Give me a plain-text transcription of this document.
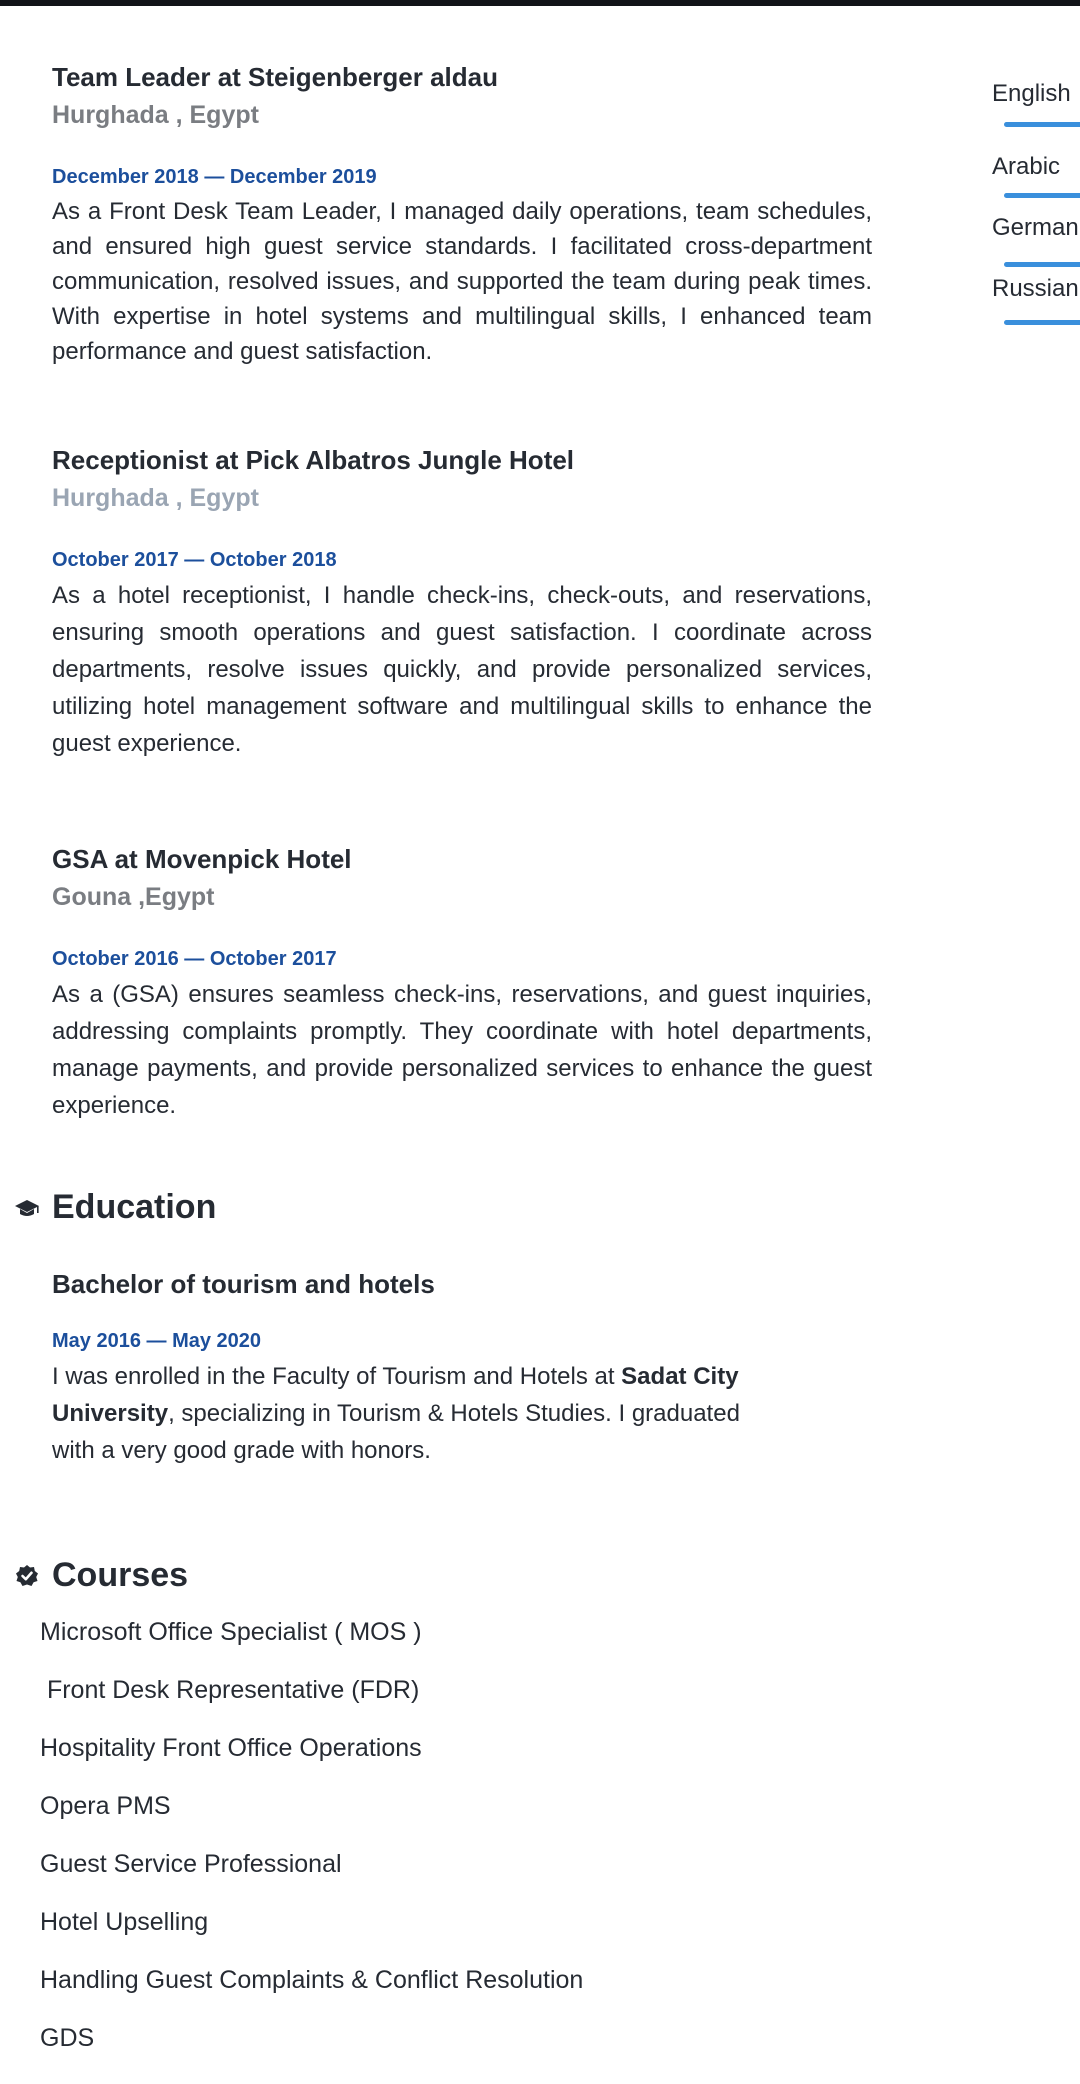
Team Leader at Steigenberger aldau
Hurghada , Egypt
December 2018 — December 2019

As a Front Desk Team Leader, I managed daily operations, team schedules, and ensured high guest service standards. I facilitated cross-department communication, resolved issues, and supported the team during peak times. With expertise in hotel systems and multilingual skills, I enhanced team performance and guest satisfaction.

Receptionist at Pick Albatros Jungle Hotel
Hurghada , Egypt
October 2017 — October 2018

As a hotel receptionist, I handle check-ins, check-outs, and reservations, ensuring smooth operations and guest satisfaction. I coordinate across departments, resolve issues quickly, and provide personalized services, utilizing hotel management software and multilingual skills to enhance the guest experience.

GSA at Movenpick Hotel
Gouna ,Egypt
October 2016 — October 2017

As a (GSA) ensures seamless check-ins, reservations, and guest inquiries, addressing complaints promptly. They coordinate with hotel departments, manage payments, and provide personalized services to enhance the guest experience.

Bachelor of tourism and hotels
May 2016 — May 2020

I was enrolled in the Faculty of Tourism and Hotels at Sadat City University, specializing in Tourism & Hotels Studies. I graduated with a very good grade with honors.

Education
Courses
Microsoft Office Specialist ( MOS )
Front Desk Representative (FDR)
Hospitality Front Office Operations
Opera PMS
Guest Service Professional
Hotel Upselling
Handling Guest Complaints & Conflict Resolution
GDS
English
Arabic
German
Russian
